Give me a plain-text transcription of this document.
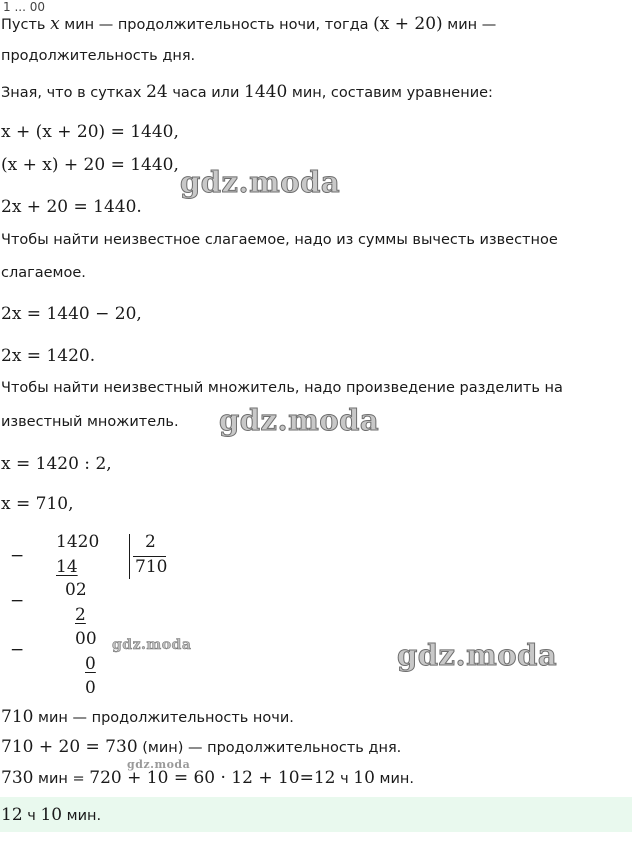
1 ... 00
Пусть x мин — продолжительность ночи, тогда (x + 20) мин —
продолжительность дня.
Зная, что в сутках 24 часа или 1440 мин, составим уравнение:
x + (x + 20) = 1440,
(x + x) + 20 = 1440,
2x + 20 = 1440.
Чтобы найти неизвестное слагаемое, надо из суммы вычесть известное
слагаемое.
2x = 1440 − 20,
2x = 1420.
Чтобы найти неизвестный множитель, надо произведение разделить на
известный множитель.
x = 1420 : 2,
x = 710,
−
1420	2
710
14
−
02
2
−
00
0
0
710 мин — продолжительность ночи.
710 + 20 = 730 (мин) — продолжительность дня.
730 мин = 720 + 10 = 60 · 12 + 10=12 ч 10 мин.
12 ч 10 мин.
gdz.moda
gdz.moda
gdz.moda
gdz.moda
gdz.moda
